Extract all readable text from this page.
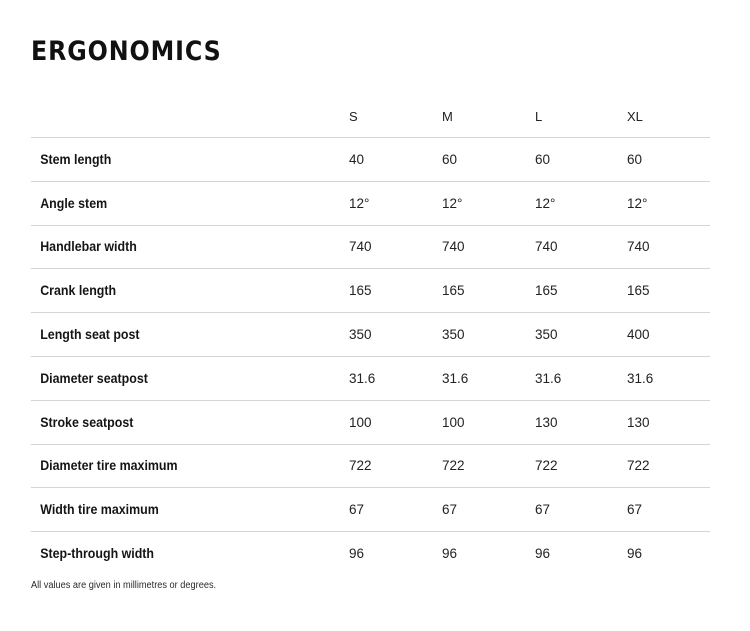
ERGONOMICS
	S	M	L	XL
Stem length	40	60	60	60
Angle stem	12°	12°	12°	12°
Handlebar width	740	740	740	740
Crank length	165	165	165	165
Length seat post	350	350	350	400
Diameter seatpost	31.6	31.6	31.6	31.6
Stroke seatpost	100	100	130	130
Diameter tire maximum	722	722	722	722
Width tire maximum	67	67	67	67
Step-through width	96	96	96	96

All values are given in millimetres or degrees.
